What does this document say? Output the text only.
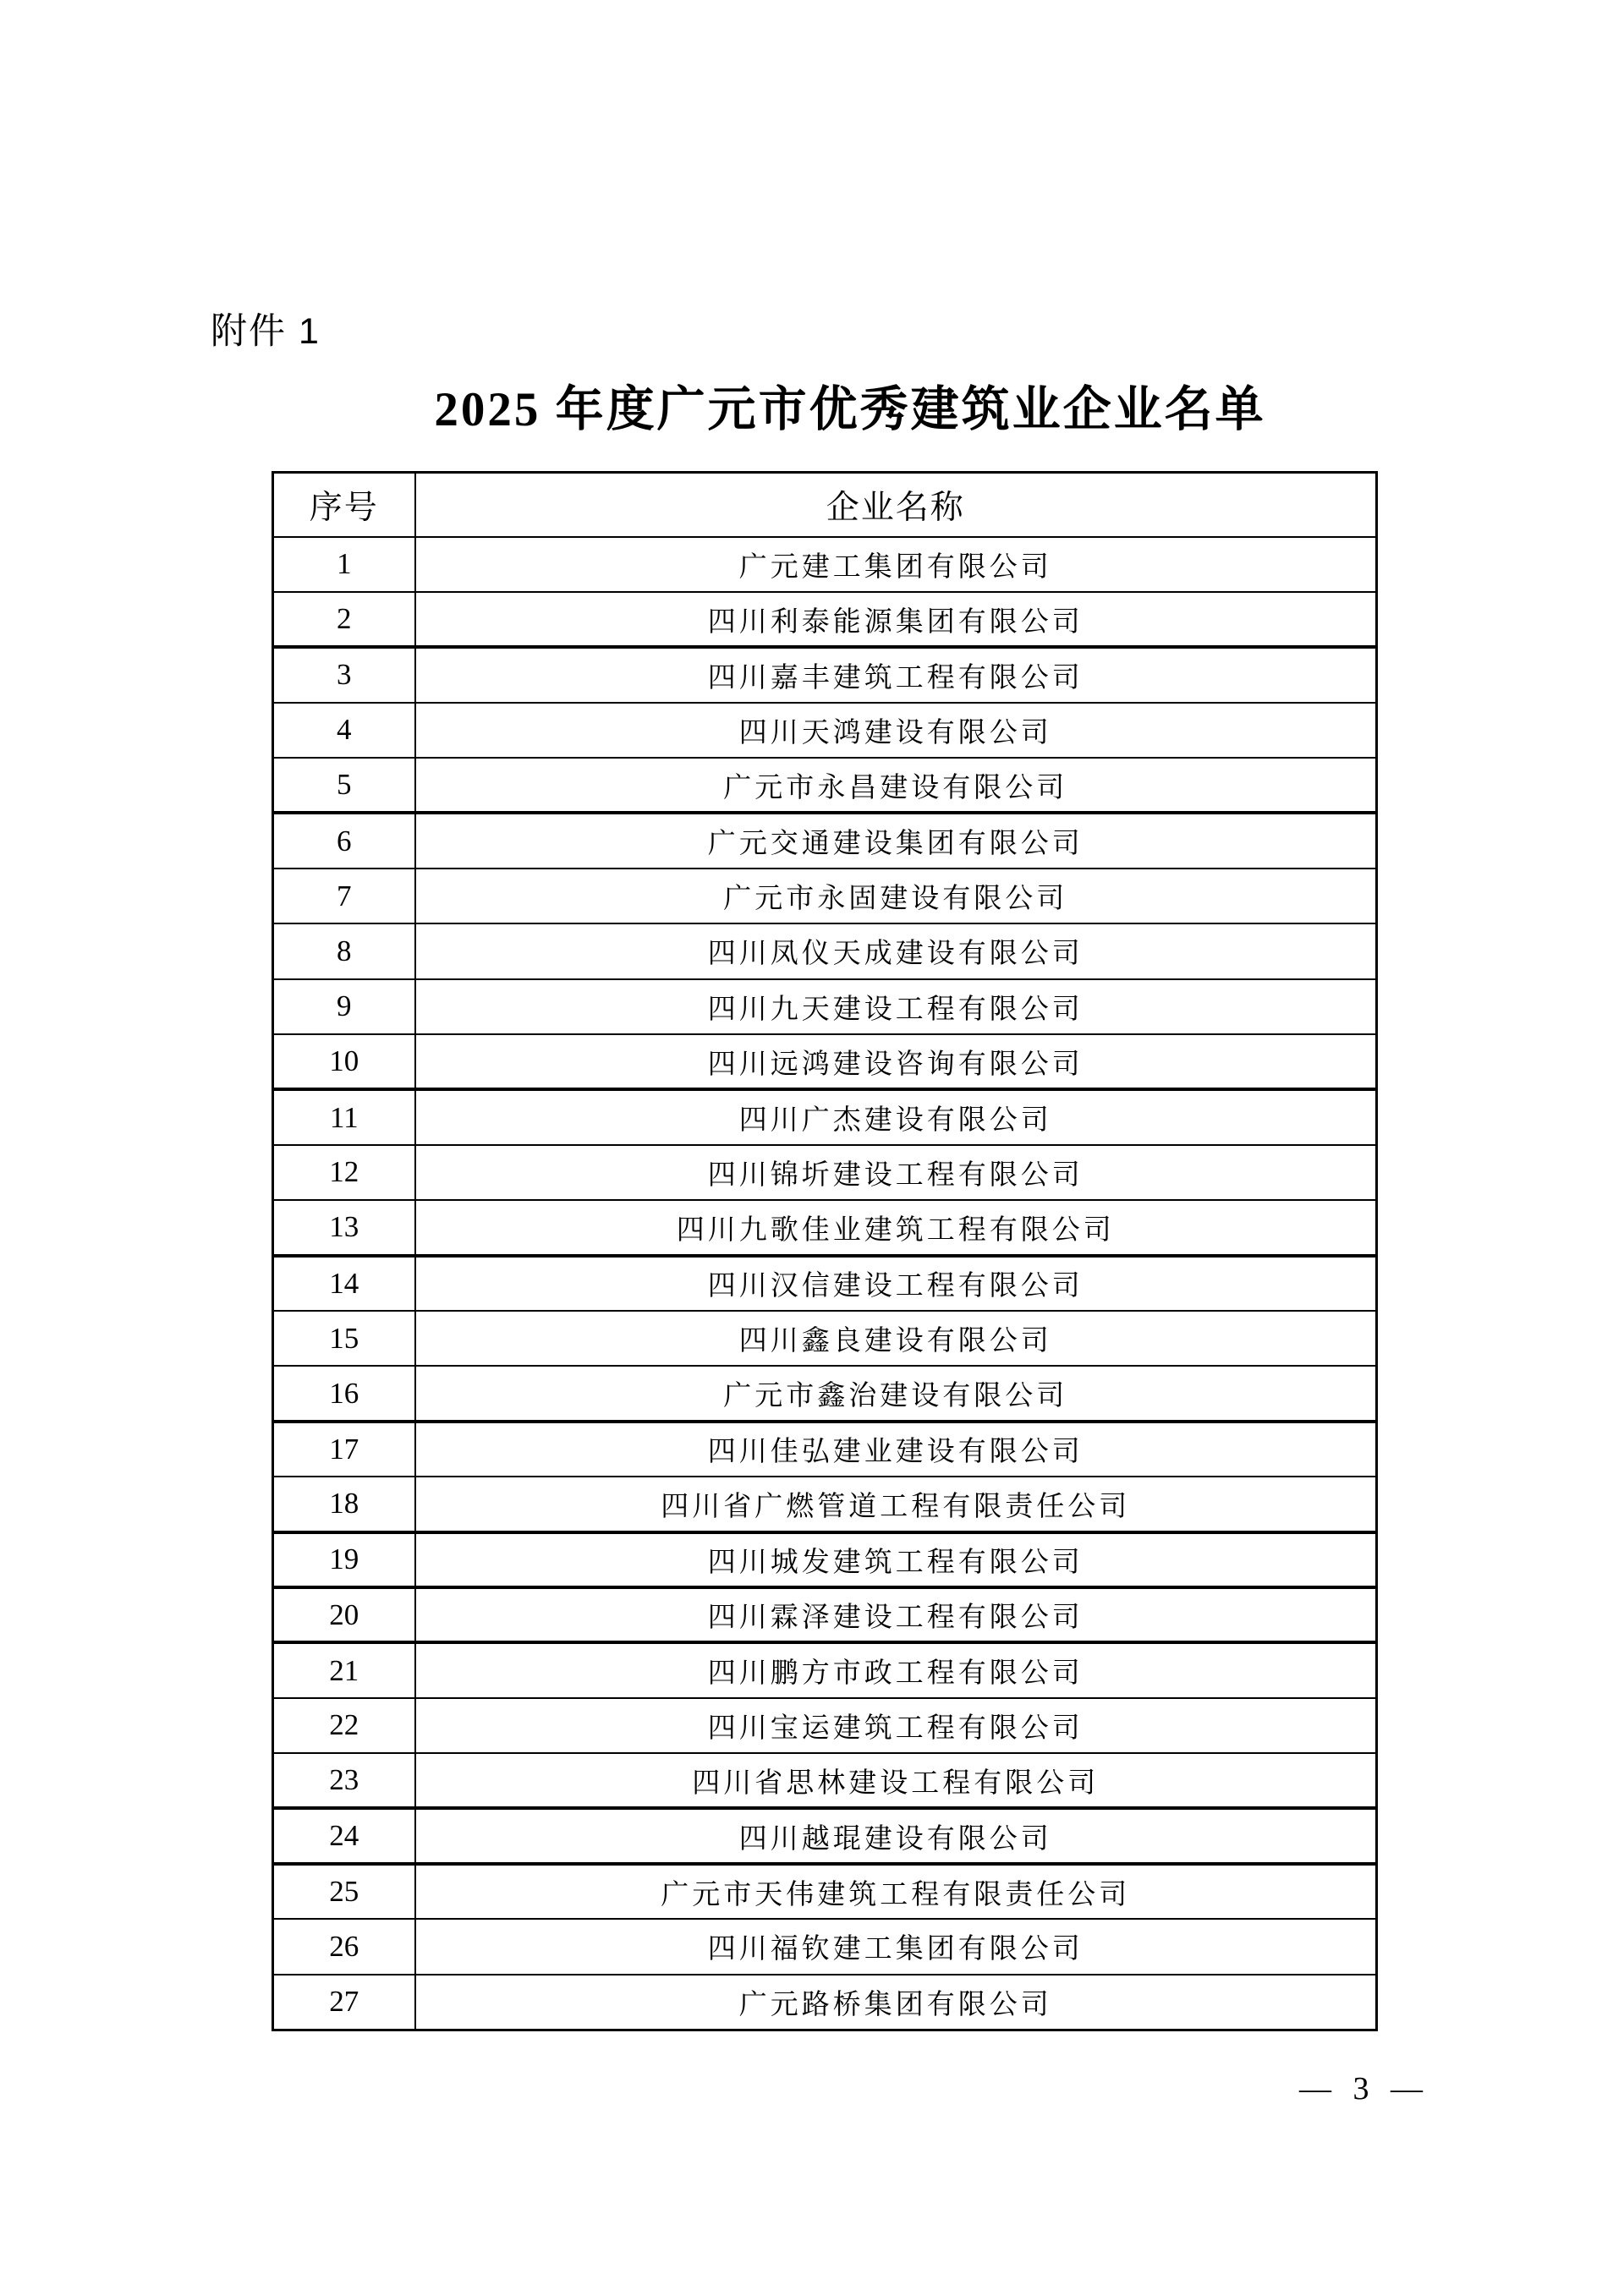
附件 1
2025 年度广元市优秀建筑业企业名单
序号	企业名称
1	广元建工集团有限公司
2	四川利泰能源集团有限公司
3	四川嘉丰建筑工程有限公司
4	四川天鸿建设有限公司
5	广元市永昌建设有限公司
6	广元交通建设集团有限公司
7	广元市永固建设有限公司
8	四川凤仪天成建设有限公司
9	四川九天建设工程有限公司
10	四川远鸿建设咨询有限公司
11	四川广杰建设有限公司
12	四川锦圻建设工程有限公司
13	四川九歌佳业建筑工程有限公司
14	四川汉信建设工程有限公司
15	四川鑫良建设有限公司
16	广元市鑫治建设有限公司
17	四川佳弘建业建设有限公司
18	四川省广燃管道工程有限责任公司
19	四川城发建筑工程有限公司
20	四川霖泽建设工程有限公司
21	四川鹏方市政工程有限公司
22	四川宝运建筑工程有限公司
23	四川省思林建设工程有限公司
24	四川越琨建设有限公司
25	广元市天伟建筑工程有限责任公司
26	四川福钦建工集团有限公司
27	广元路桥集团有限公司
— 3 —
